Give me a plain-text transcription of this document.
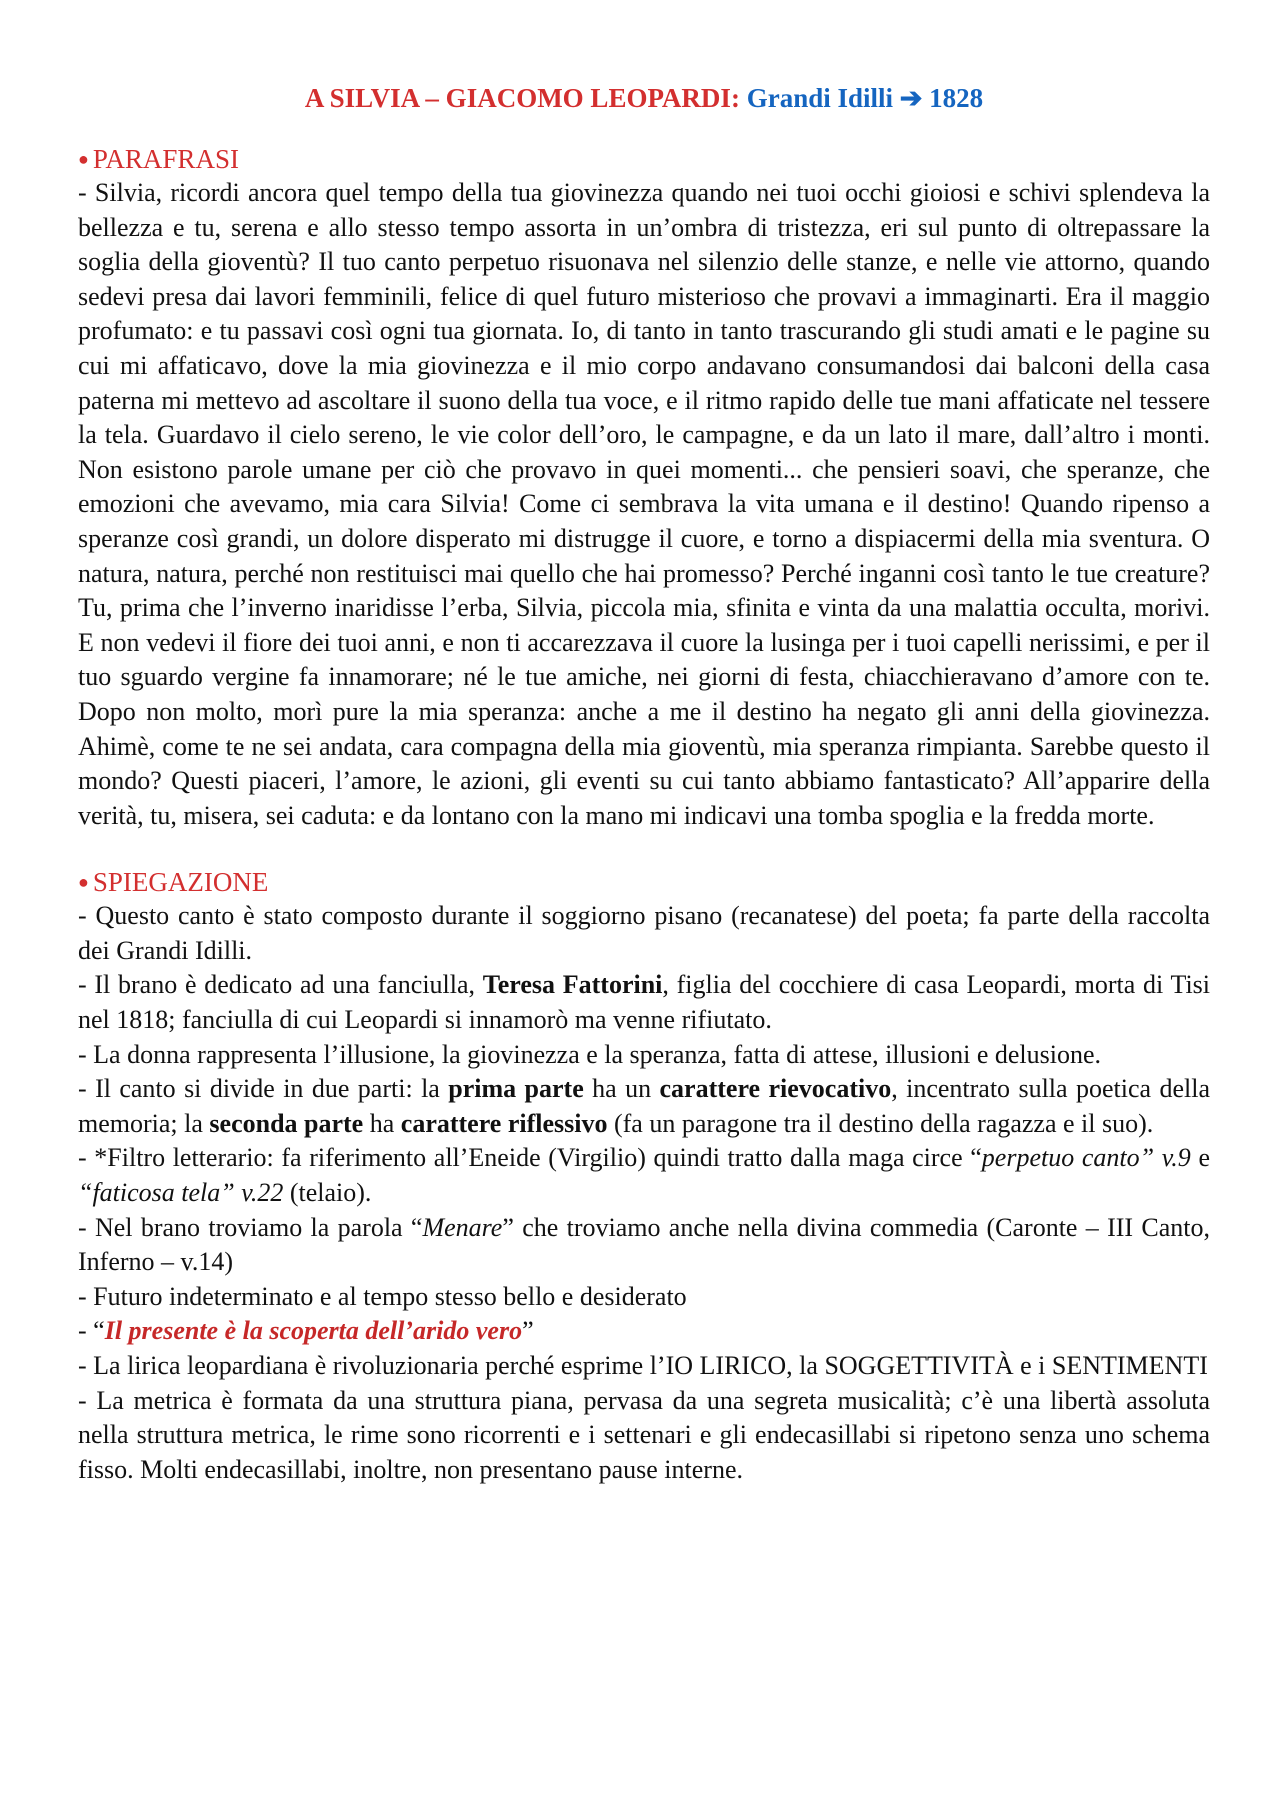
A SILVIA – GIACOMO LEOPARDI: Grandi Idilli ➔ 1828

● PARAFRASI

- Silvia, ricordi ancora quel tempo della tua giovinezza quando nei tuoi occhi gioiosi e schivi splendeva la bellezza e tu, serena e allo stesso tempo assorta in un’ombra di tristezza, eri sul punto di oltrepassare la soglia della gioventù? Il tuo canto perpetuo risuonava nel silenzio delle stanze, e nelle vie attorno, quando sedevi presa dai lavori femminili, felice di quel futuro misterioso che provavi a immaginarti. Era il maggio profumato: e tu passavi così ogni tua giornata. Io, di tanto in tanto trascurando gli studi amati e le pagine su cui mi affaticavo, dove la mia giovinezza e il mio corpo andavano consumandosi dai balconi della casa paterna mi mettevo ad ascoltare il suono della tua voce, e il ritmo rapido delle tue mani affaticate nel tessere la tela. Guardavo il cielo sereno, le vie color dell’oro, le campagne, e da un lato il mare, dall’altro i monti. Non esistono parole umane per ciò che provavo in quei momenti... che pensieri soavi, che speranze, che emozioni che avevamo, mia cara Silvia! Come ci sembrava la vita umana e il destino! Quando ripenso a speranze così grandi, un dolore disperato mi distrugge il cuore, e torno a dispiacermi della mia sventura. O natura, natura, perché non restituisci mai quello che hai promesso? Perché inganni così tanto le tue creature? Tu, prima che l’inverno inaridisse l’erba, Silvia, piccola mia, sfinita e vinta da una malattia occulta, morivi. E non vedevi il fiore dei tuoi anni, e non ti accarezzava il cuore la lusinga per i tuoi capelli nerissimi, e per il tuo sguardo vergine fa innamorare; né le tue amiche, nei giorni di festa, chiacchieravano d’amore con te. Dopo non molto, morì pure la mia speranza: anche a me il destino ha negato gli anni della giovinezza. Ahimè, come te ne sei andata, cara compagna della mia gioventù, mia speranza rimpianta. Sarebbe questo il mondo? Questi piaceri, l’amore, le azioni, gli eventi su cui tanto abbiamo fantasticato? All’apparire della verità, tu, misera, sei caduta: e da lontano con la mano mi indicavi una tomba spoglia e la fredda morte.

● SPIEGAZIONE

- Questo canto è stato composto durante il soggiorno pisano (recanatese) del poeta; fa parte della raccolta dei Grandi Idilli.

- Il brano è dedicato ad una fanciulla, Teresa Fattorini, figlia del cocchiere di casa Leopardi, morta di Tisi nel 1818; fanciulla di cui Leopardi si innamorò ma venne rifiutato.

- La donna rappresenta l’illusione, la giovinezza e la speranza, fatta di attese, illusioni e delusione.

- Il canto si divide in due parti: la prima parte ha un carattere rievocativo, incentrato sulla poetica della memoria; la seconda parte ha carattere riflessivo (fa un paragone tra il destino della ragazza e il suo).

- *Filtro letterario: fa riferimento all’Eneide (Virgilio) quindi tratto dalla maga circe “perpetuo canto” v.9 e “faticosa tela” v.22 (telaio).

- Nel brano troviamo la parola “Menare” che troviamo anche nella divina commedia (Caronte – III Canto, Inferno – v.14)

- Futuro indeterminato e al tempo stesso bello e desiderato

- “Il presente è la scoperta dell’arido vero”

- La lirica leopardiana è rivoluzionaria perché esprime l’IO LIRICO, la SOGGETTIVITÀ e i SENTIMENTI

- La metrica è formata da una struttura piana, pervasa da una segreta musicalità; c’è una libertà assoluta nella struttura metrica, le rime sono ricorrenti e i settenari e gli endecasillabi si ripetono senza uno schema fisso. Molti endecasillabi, inoltre, non presentano pause interne.
